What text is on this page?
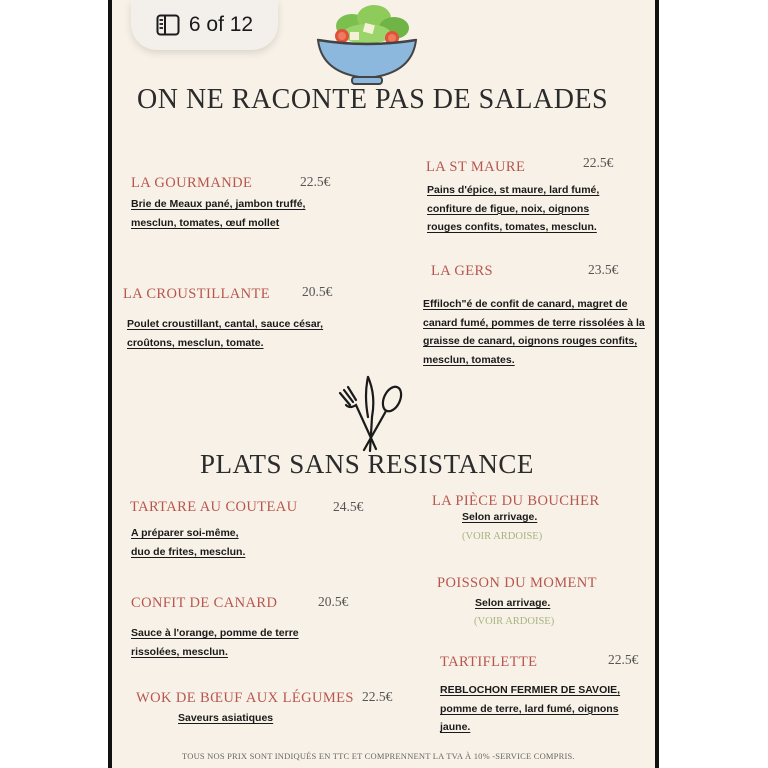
6 of 12
ON NE RACONTE PAS DE SALADES
LA GOURMANDE	22.5€
Brie de Meaux pané, jambon truffé,
mesclun, tomates, œuf mollet
LA ST MAURE	22.5€
Pains d'épice, st maure, lard fumé,
confiture de figue, noix, oignons
rouges confits, tomates, mesclun.
LA CROUSTILLANTE 20.5€
Poulet croustillant, cantal, sauce césar,
croûtons, mesclun, tomate.
LA GERS	23.5€
Effiloch"é de confit de canard, magret de
canard fumé, pommes de terre rissolées à la
graisse de canard, oignons rouges confits,
mesclun, tomates.
PLATS SANS RESISTANCE
TARTARE AU COUTEAU	24.5€
A préparer soi-même,
duo de frites, mesclun.
LA PIÈCE DU BOUCHER
Selon arrivage.
(VOIR ARDOISE)
CONFIT DE CANARD	20.5€
Sauce à l'orange, pomme de terre
rissolées, mesclun.
POISSON DU MOMENT
Selon arrivage.
(VOIR ARDOISE)
TARTIFLETTE	22.5€
REBLOCHON FERMIER DE SAVOIE,
pomme de terre, lard fumé, oignons
jaune.
WOK DE BŒUF AUX LÉGUMES 22.5€
Saveurs asiatiques
TOUS NOS PRIX SONT INDIQUÉS EN TTC ET COMPRENNENT LA TVA À 10% -SERVICE COMPRIS.
